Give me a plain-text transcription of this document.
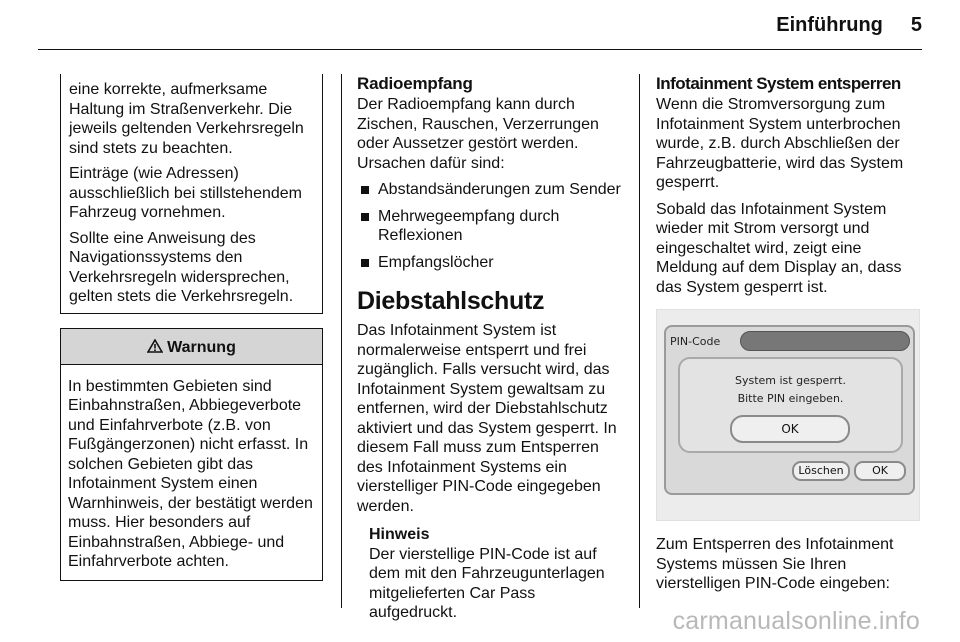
Einführung 5

eine korrekte, aufmerksame Haltung im Straßenverkehr. Die jeweils geltenden Verkehrsregeln sind stets zu beachten.

Einträge (wie Adressen) ausschließlich bei stillstehendem Fahrzeug vornehmen.

Sollte eine Anweisung des Navigationssystems den Verkehrsregeln widersprechen, gelten stets die Verkehrsregeln.

Warnung
In bestimmten Gebieten sind Einbahnstraßen, Abbiegeverbote und Einfahrverbote (z.B. von Fußgängerzonen) nicht erfasst. In solchen Gebieten gibt das Infotainment System einen Warnhinweis, der bestätigt werden muss. Hier besonders auf Einbahnstraßen, Abbiege- und Einfahrverbote achten.
Radioempfang

Der Radioempfang kann durch Zischen, Rauschen, Verzerrungen oder Aussetzer gestört werden. Ursachen dafür sind:

Abstandsänderungen zum Sender
Mehrwegeempfang durch Reflexionen
Empfangslöcher
Diebstahlschutz

Das Infotainment System ist normalerweise entsperrt und frei zugänglich. Falls versucht wird, das Infotainment System gewaltsam zu entfernen, wird der Diebstahlschutz aktiviert und das System gesperrt. In diesem Fall muss zum Entsperren des Infotainment Systems ein vierstelliger PIN-Code eingegeben werden.

Hinweis
Der vierstellige PIN-Code ist auf dem mit den Fahrzeugunterlagen mitgelieferten Car Pass aufgedruckt.
Infotainment System entsperren

Wenn die Stromversorgung zum Infotainment System unterbrochen wurde, z.B. durch Abschließen der Fahrzeugbatterie, wird das System gesperrt.

Sobald das Infotainment System wieder mit Strom versorgt und eingeschaltet wird, zeigt eine Meldung auf dem Display an, dass das System gesperrt ist.

PIN-Code
System ist gesperrt.
Bitte PIN eingeben.
OK
Löschen	OK

Zum Entsperren des Infotainment Systems müssen Sie Ihren vierstelligen PIN-Code eingeben:

carmanualsonline.info
